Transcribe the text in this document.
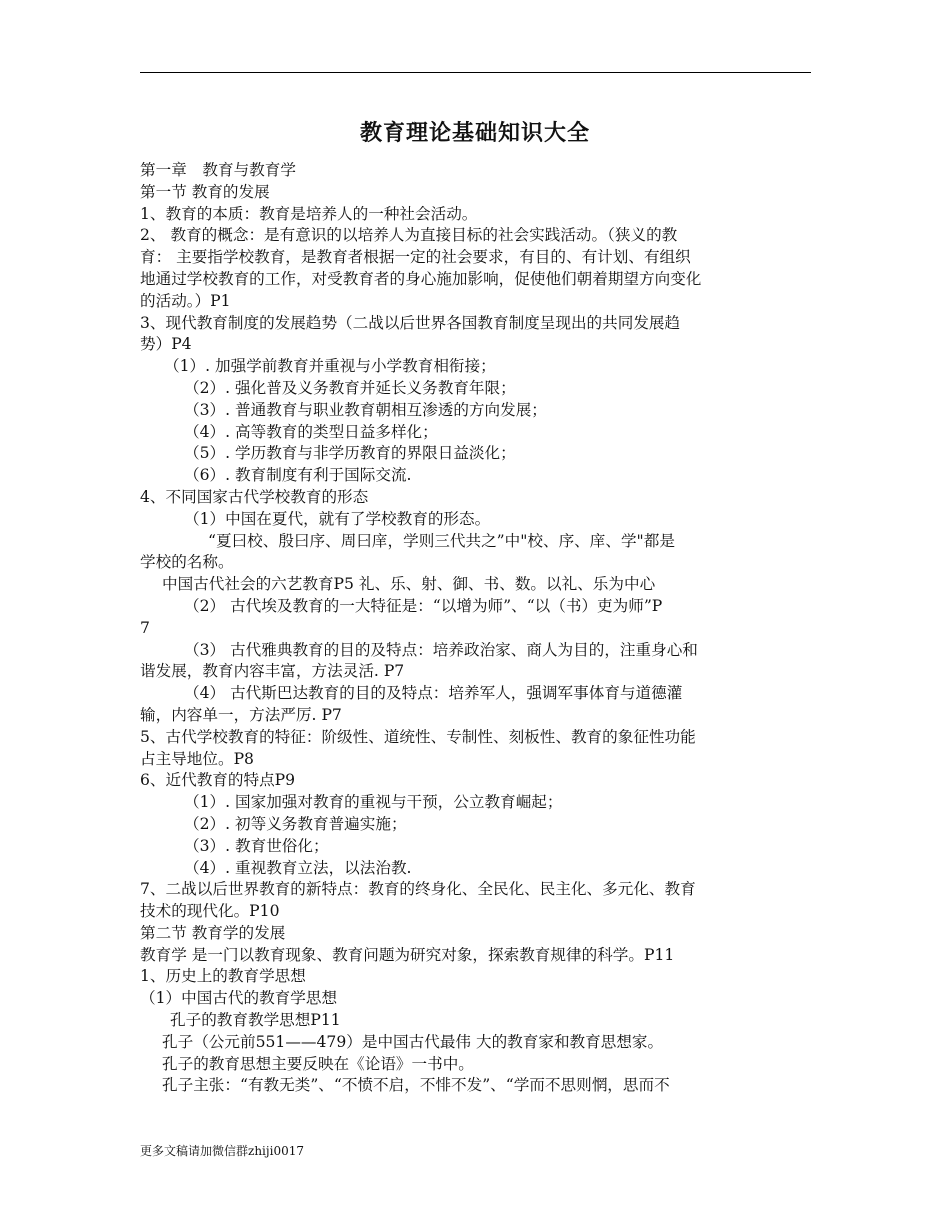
教育理论基础知识大全
第一章　教育与教育学
第一节 教育的发展
1、教育的本质：教育是培养人的一种社会活动。
2、 教育的概念：是有意识的以培养人为直接目标的社会实践活动。（狭义的教
育： 主要指学校教育，是教育者根据一定的社会要求，有目的、有计划、有组织
地通过学校教育的工作，对受教育者的身心施加影响，促使他们朝着期望方向变化
的活动。）P1
3、现代教育制度的发展趋势（二战以后世界各国教育制度呈现出的共同发展趋
势）P4
（1）. 加强学前教育并重视与小学教育相衔接；
（2）. 强化普及义务教育并延长义务教育年限；
（3）. 普通教育与职业教育朝相互渗透的方向发展；
（4）. 高等教育的类型日益多样化；
（5）. 学历教育与非学历教育的界限日益淡化；
（6）. 教育制度有利于国际交流.
4、不同国家古代学校教育的形态
（1）中国在夏代，就有了学校教育的形态。
“夏曰校、殷曰序、周曰庠，学则三代共之”中"校、序、庠、学"都是
学校的名称。
中国古代社会的六艺教育P5 礼、乐、射、御、书、数。以礼、乐为中心
（2） 古代埃及教育的一大特征是：“以增为师”、“以（书）吏为师”P
7
（3） 古代雅典教育的目的及特点：培养政治家、商人为目的，注重身心和
谐发展，教育内容丰富，方法灵活. P7
（4） 古代斯巴达教育的目的及特点：培养军人，强调军事体育与道德灌
输，内容单一，方法严厉. P7
5、古代学校教育的特征：阶级性、道统性、专制性、刻板性、教育的象征性功能
占主导地位。P8
6、近代教育的特点P9
（1）. 国家加强对教育的重视与干预，公立教育崛起；
（2）. 初等义务教育普遍实施；
（3）. 教育世俗化；
（4）. 重视教育立法，以法治教.
7、二战以后世界教育的新特点：教育的终身化、全民化、民主化、多元化、教育
技术的现代化。P10
第二节 教育学的发展
教育学 是一门以教育现象、教育问题为研究对象，探索教育规律的科学。P11
1、历史上的教育学思想
（1）中国古代的教育学思想
孔子的教育教学思想P11
孔子（公元前551——479）是中国古代最伟 大的教育家和教育思想家。
孔子的教育思想主要反映在《论语》一书中。
孔子主张：“有教无类”、“不愤不启，不悱不发”、“学而不思则惘，思而不
更多文稿请加微信群zhiji0017
